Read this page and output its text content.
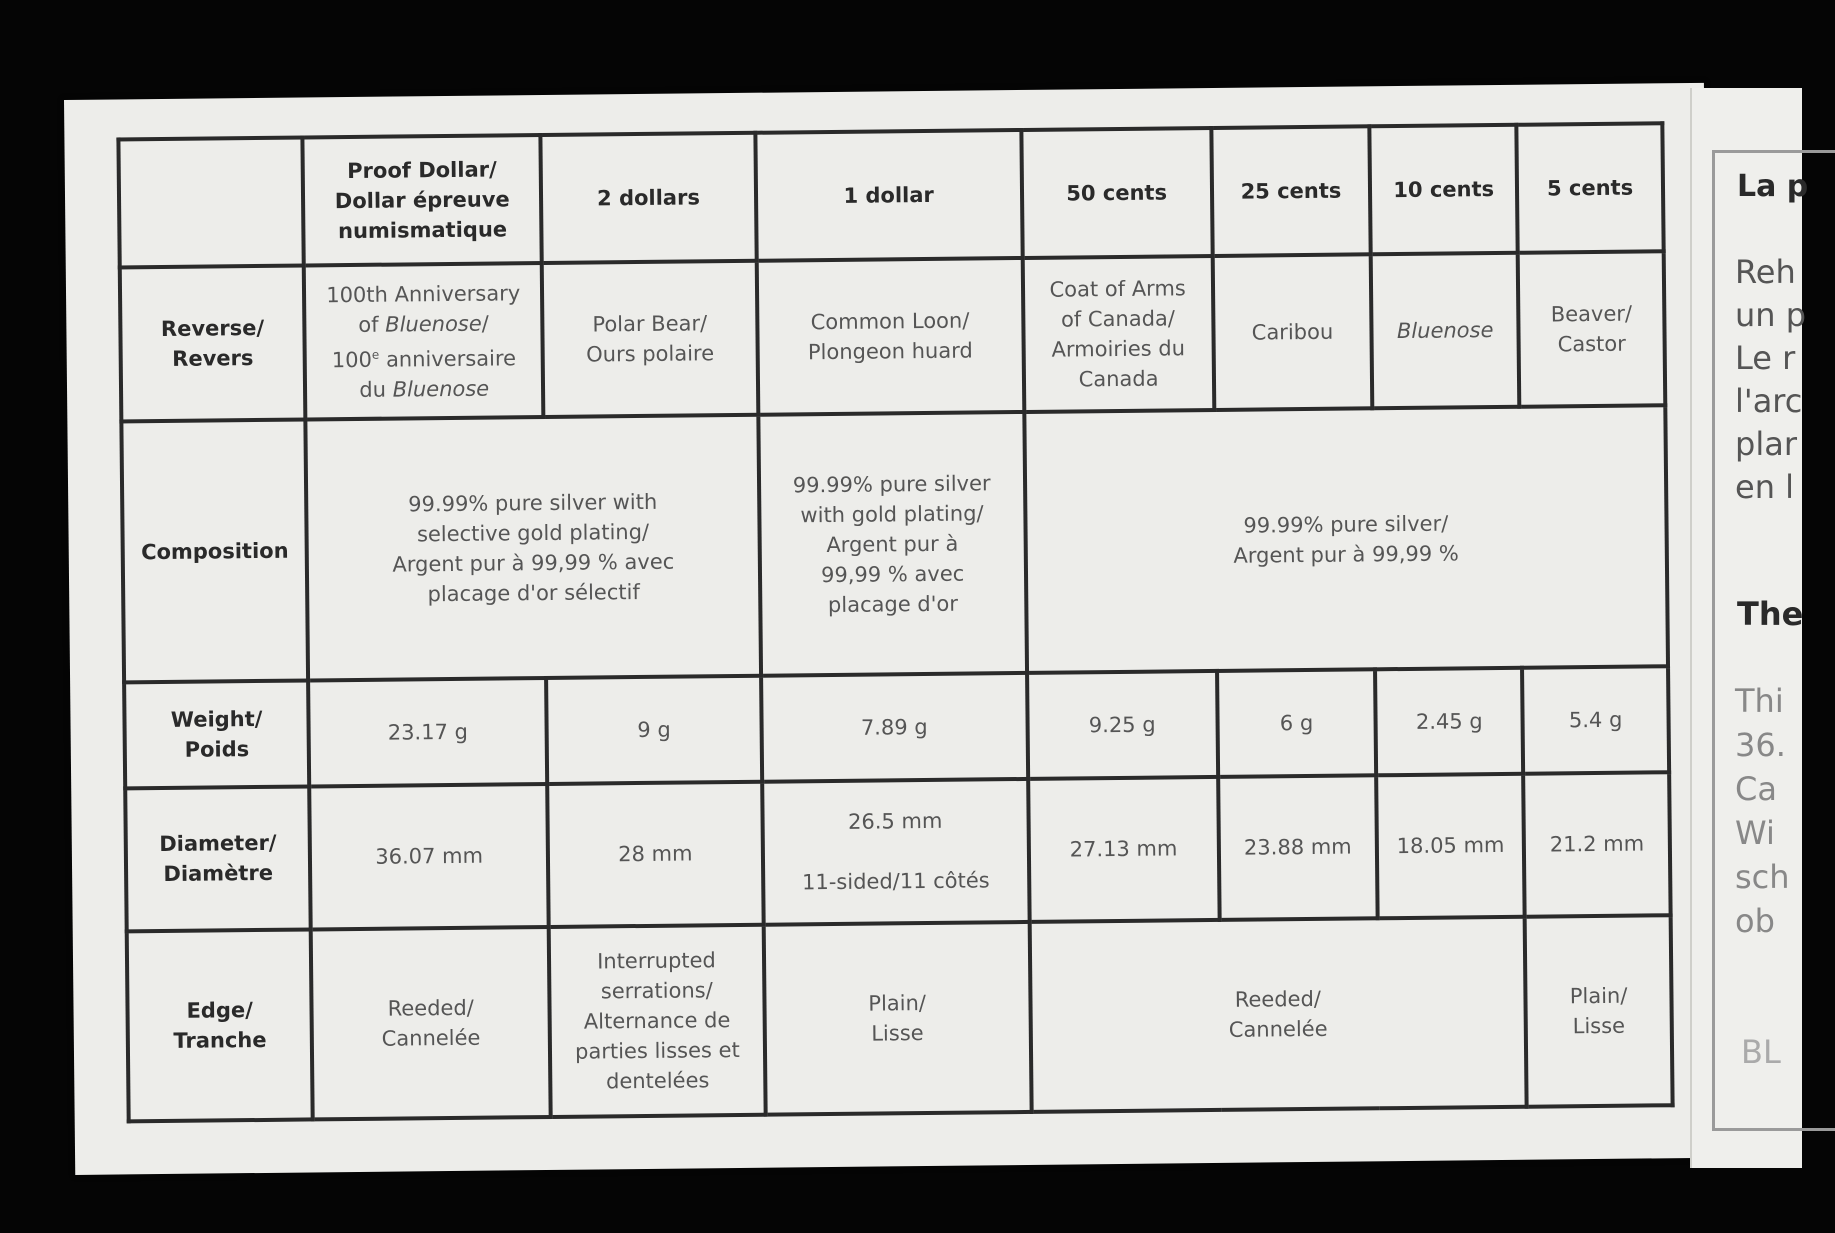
	Proof Dollar/
Dollar épreuve
numismatique	2 dollars	1 dollar	50 cents	25 cents	10 cents	5 cents
Reverse/
Revers	100th Anniversary
of Bluenose/
100e anniversaire
du Bluenose	Polar Bear/
Ours polaire	Common Loon/
Plongeon huard	Coat of Arms
of Canada/
Armoiries du
Canada	Caribou	Bluenose	Beaver/
Castor
Composition	99.99% pure silver with
selective gold plating/
Argent pur à 99,99 % avec
placage d'or sélectif		99.99% pure silver
with gold plating/
Argent pur à
99,99 % avec
placage d'or	99.99% pure silver/
Argent pur à 99,99 %			
Weight/
Poids	23.17 g	9 g	7.89 g	9.25 g	6 g	2.45 g	5.4 g
Diameter/
Diamètre	36.07 mm	28 mm	26.5 mm

11-sided/11 côtés	27.13 mm	23.88 mm	18.05 mm	21.2 mm
Edge/
Tranche	Reeded/
Cannelée	Interrupted
serrations/
Alternance de
parties lisses et
dentelées	Plain/
Lisse	Reeded/
Cannelée			Plain/
Lisse
La p
Reh
un p
Le r
l'arc
plar
en l
The
Thi
36.
Ca
Wi
sch
ob
BL
